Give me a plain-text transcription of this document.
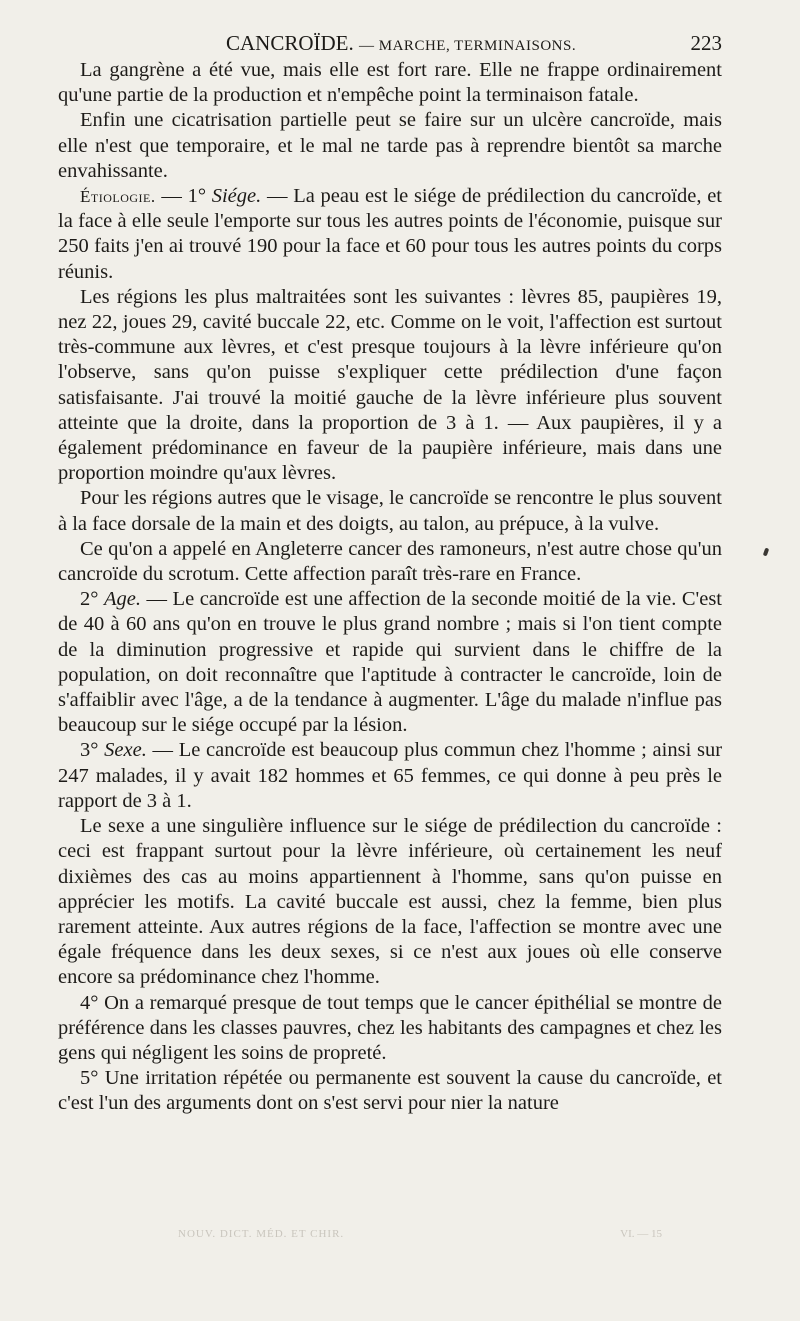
CANCROÏDE. — MARCHE, TERMINAISONS.	223

La gangrène a été vue, mais elle est fort rare. Elle ne frappe ordinairement qu'une partie de la production et n'empêche point la terminaison fatale.

Enfin une cicatrisation partielle peut se faire sur un ulcère cancroïde, mais elle n'est que temporaire, et le mal ne tarde pas à reprendre bientôt sa marche envahissante.

Étiologie. — 1° Siége. — La peau est le siége de prédilection du cancroïde, et la face à elle seule l'emporte sur tous les autres points de l'économie, puisque sur 250 faits j'en ai trouvé 190 pour la face et 60 pour tous les autres points du corps réunis.

Les régions les plus maltraitées sont les suivantes : lèvres 85, paupières 19, nez 22, joues 29, cavité buccale 22, etc. Comme on le voit, l'affection est surtout très-commune aux lèvres, et c'est presque toujours à la lèvre inférieure qu'on l'observe, sans qu'on puisse s'expliquer cette prédilection d'une façon satisfaisante. J'ai trouvé la moitié gauche de la lèvre inférieure plus souvent atteinte que la droite, dans la proportion de 3 à 1. — Aux paupières, il y a également prédominance en faveur de la paupière inférieure, mais dans une proportion moindre qu'aux lèvres.

Pour les régions autres que le visage, le cancroïde se rencontre le plus souvent à la face dorsale de la main et des doigts, au talon, au prépuce, à la vulve.

Ce qu'on a appelé en Angleterre cancer des ramoneurs, n'est autre chose qu'un cancroïde du scrotum. Cette affection paraît très-rare en France.

2° Age. — Le cancroïde est une affection de la seconde moitié de la vie. C'est de 40 à 60 ans qu'on en trouve le plus grand nombre ; mais si l'on tient compte de la diminution progressive et rapide qui survient dans le chiffre de la population, on doit reconnaître que l'aptitude à contracter le cancroïde, loin de s'affaiblir avec l'âge, a de la tendance à augmenter. L'âge du malade n'influe pas beaucoup sur le siége occupé par la lésion.

3° Sexe. — Le cancroïde est beaucoup plus commun chez l'homme ; ainsi sur 247 malades, il y avait 182 hommes et 65 femmes, ce qui donne à peu près le rapport de 3 à 1.

Le sexe a une singulière influence sur le siége de prédilection du cancroïde : ceci est frappant surtout pour la lèvre inférieure, où certainement les neuf dixièmes des cas au moins appartiennent à l'homme, sans qu'on puisse en apprécier les motifs. La cavité buccale est aussi, chez la femme, bien plus rarement atteinte. Aux autres régions de la face, l'affection se montre avec une égale fréquence dans les deux sexes, si ce n'est aux joues où elle conserve encore sa prédominance chez l'homme.

4° On a remarqué presque de tout temps que le cancer épithélial se montre de préférence dans les classes pauvres, chez les habitants des campagnes et chez les gens qui négligent les soins de propreté.

5° Une irritation répétée ou permanente est souvent la cause du cancroïde, et c'est l'un des arguments dont on s'est servi pour nier la nature

NOUV. DICT. MÉD. ET CHIR.	VI. — 15
